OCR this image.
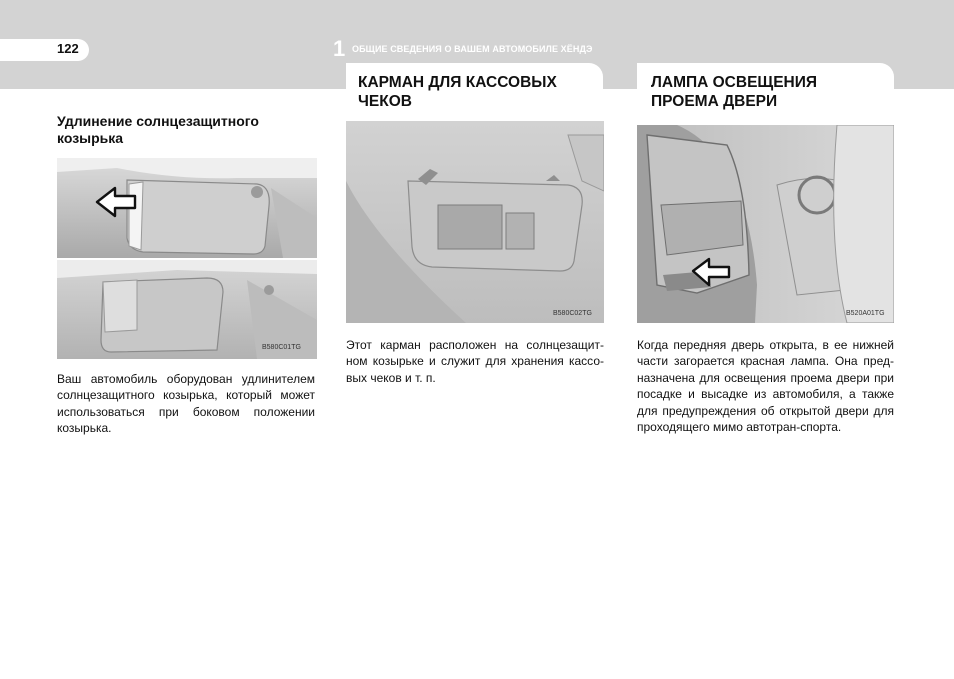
122	1 ОБЩИЕ СВЕДЕНИЯ О ВАШЕМ АВТОМОБИЛЕ ХЁНДЭ
КАРМАН ДЛЯ КАССОВЫХ ЧЕКОВ
ЛАМПА ОСВЕЩЕНИЯ ПРОЕМА ДВЕРИ
Удлинение солнцезащитного козырька
B580C01TG
Ваш автомобиль оборудован удлинителем солнцезащитного козырька, который может использоваться при боковом положении козырька.
B580C02TG
Этот карман расположен на солнцезащит-ном козырьке и служит для хранения кассо-вых чеков и т. п.
B520A01TG
Когда передняя дверь открыта, в ее нижней части загорается красная лампа. Она пред-назначена для освещения проема двери при посадке и высадке из автомобиля, а также для предупреждения об открытой двери для проходящего мимо автотран-спорта.
